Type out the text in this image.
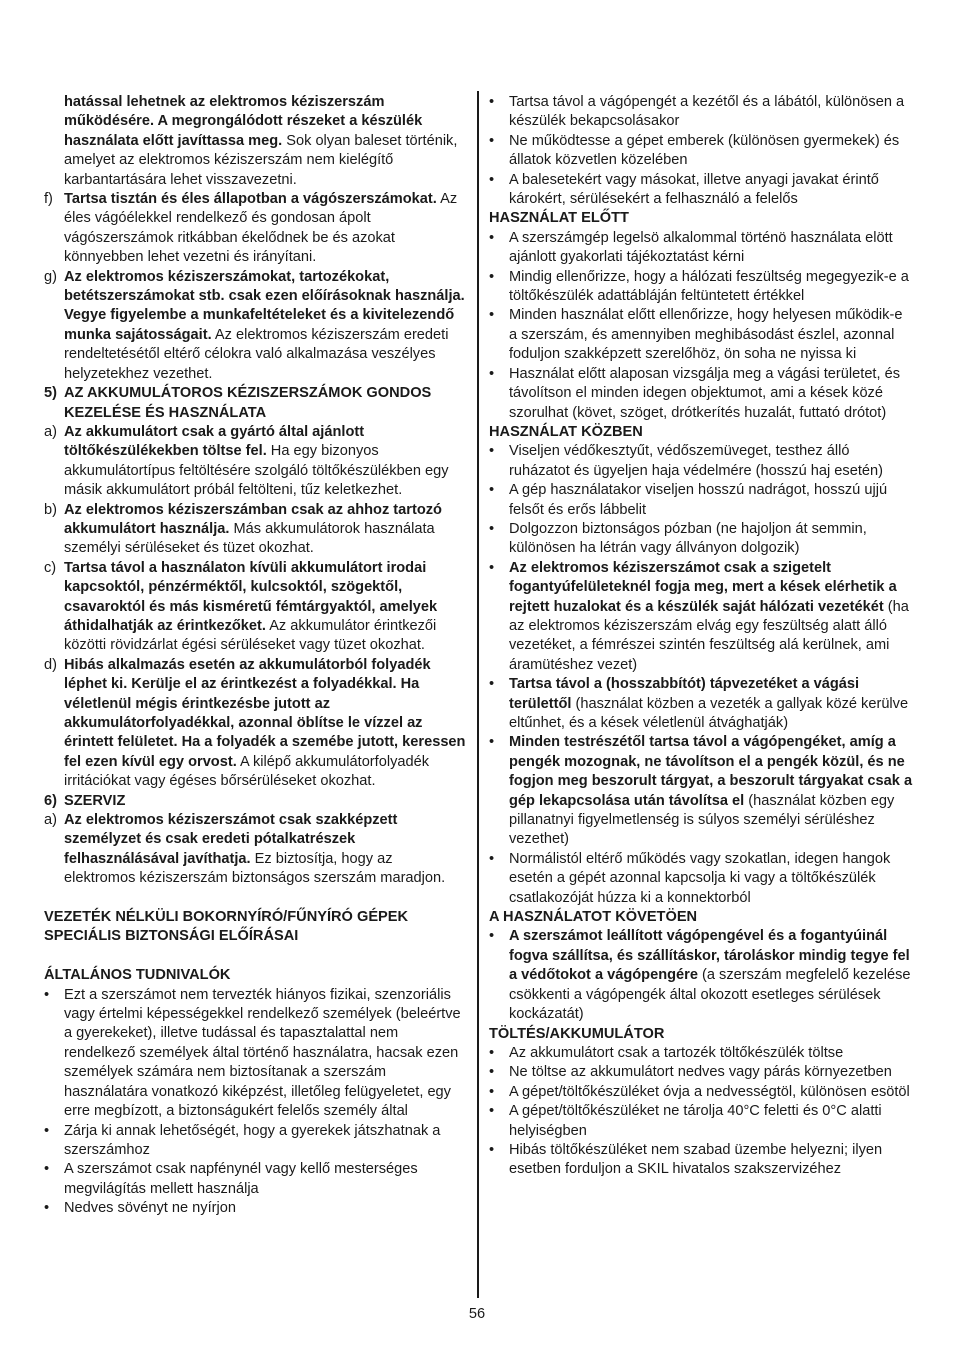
hatással lehetnek az elektromos kéziszerszám működésére. A megrongálódott részeket a készülék használata előtt javíttassa meg. Sok olyan baleset történik, amelyet az elektromos kéziszerszám nem kielégítő karbantartására lehet visszavezetni.

f) Tartsa tisztán és éles állapotban a vágószerszámokat. Az éles vágóélekkel rendelkező és gondosan ápolt vágószerszámok ritkábban ékelődnek be és azokat könnyebben lehet vezetni és irányítani.
g) Az elektromos kéziszerszámokat, tartozékokat, betétszerszámokat stb. csak ezen előírásoknak használja. Vegye figyelembe a munkafeltételeket és a kivitelezendő munka sajátosságait. Az elektromos kéziszerszám eredeti rendeltetésétől eltérő célokra való alkalmazása veszélyes helyzetekhez vezethet.
5) AZ AKKUMULÁTOROS KÉZISZERSZÁMOK GONDOS KEZELÉSE ÉS HASZNÁLATA
a) Az akkumulátort csak a gyártó által ajánlott töltőkészülékekben töltse fel. Ha egy bizonyos akkumulátortípus feltöltésére szolgáló töltőkészülékben egy másik akkumulátort próbál feltölteni, tűz keletkezhet.
b) Az elektromos kéziszerszámban csak az ahhoz tartozó akkumulátort használja. Más akkumulátorok használata személyi sérüléseket és tüzet okozhat.
c) Tartsa távol a használaton kívüli akkumulátort irodai kapcsoktól, pénzérméktől, kulcsoktól, szögektől, csavaroktól és más kisméretű fémtárgyaktól, amelyek áthidalhatják az érintkezőket. Az akkumulátor érintkezői közötti rövidzárlat égési sérüléseket vagy tüzet okozhat.
d) Hibás alkalmazás esetén az akkumulátorból folyadék léphet ki. Kerülje el az érintkezést a folyadékkal. Ha véletlenül mégis érintkezésbe jutott az akkumulátorfolyadékkal, azonnal öblítse le vízzel az érintett felületet. Ha a folyadék a szemébe jutott, keressen fel ezen kívül egy orvost. A kilépő akkumulátorfolyadék irritációkat vagy égéses bőrsérüléseket okozhat.
6) SZERVIZ
a) Az elektromos kéziszerszámot csak szakképzett személyzet és csak eredeti pótalkatrészek felhasználásával javíthatja. Ez biztosítja, hogy az elektromos kéziszerszám biztonságos szerszám maradjon.

VEZETÉK NÉLKÜLI BOKORNYÍRÓ/FŰNYÍRÓ GÉPEK SPECIÁLIS BIZTONSÁGI ELŐÍRÁSAI

ÁLTALÁNOS TUDNIVALÓK

• Ezt a szerszámot nem tervezték hiányos fizikai, szenzoriális vagy értelmi képességekkel rendelkező személyek (beleértve a gyerekeket), illetve tudással és tapasztalattal nem rendelkező személyek által történő használatra, hacsak ezen személyek számára nem biztosítanak a szerszám használatára vonatkozó kiképzést, illetőleg felügyeletet, egy erre megbízott, a biztonságukért felelős személy által
• Zárja ki annak lehetőségét, hogy a gyerekek játszhatnak a szerszámhoz
• A szerszámot csak napfénynél vagy kellő mesterséges megvilágítás mellett használja
• Nedves sövényt ne nyírjon
• Tartsa távol a vágópengét a kezétől és a lábától, különösen a készülék bekapcsolásakor
• Ne működtesse a gépet emberek (különösen gyermekek) és állatok közvetlen közelében
• A balesetekért vagy másokat, illetve anyagi javakat érintő károkért, sérülésekért a felhasználó a felelős

HASZNÁLAT ELŐTT

• A szerszámgép legelsö alkalommal történö használata elött ajánlott gyakorlati tájékoztatást kérni
• Mindig ellenőrizze, hogy a hálózati feszültség megegyezik-e a töltőkészülék adattábláján feltüntetett értékkel
• Minden használat előtt ellenőrizze, hogy helyesen működik-e a szerszám, és amennyiben meghibásodást észlel, azonnal foduljon szakképzett szerelőhöz, ön soha ne nyissa ki
• Használat előtt alaposan vizsgálja meg a vágási területet, és távolítson el minden idegen objektumot, ami a kések közé szorulhat (követ, szöget, drótkerítés huzalát, futtató drótot)

HASZNÁLAT KÖZBEN

• Viseljen védőkesztyűt, védőszemüveget, testhez álló ruházatot és ügyeljen haja védelmére (hosszú haj esetén)
• A gép használatakor viseljen hosszú nadrágot, hosszú ujjú felsőt és erős lábbelit
• Dolgozzon biztonságos pózban (ne hajoljon át semmin, különösen ha létrán vagy állványon dolgozik)
• Az elektromos kéziszerszámot csak a szigetelt fogantyúfelületeknél fogja meg, mert a kések elérhetik a rejtett huzalokat és a készülék saját hálózati vezetékét (ha az elektromos kéziszerszám elvág egy feszültség alatt álló vezetéket, a fémrészei szintén feszültség alá kerülnek, ami áramütéshez vezet)
• Tartsa távol a (hosszabbítót) tápvezetéket a vágási területtől (használat közben a vezeték a gallyak közé kerülve eltűnhet, és a kések véletlenül átvághatják)
• Minden testrészétől tartsa távol a vágópengéket, amíg a pengék mozognak, ne távolítson el a pengék közül, és ne fogjon meg beszorult tárgyat, a beszorult tárgyakat csak a gép lekapcsolása után távolítsa el (használat közben egy pillanatnyi figyelmetlenség is súlyos személyi sérüléshez vezethet)
• Normálistól eltérő működés vagy szokatlan, idegen hangok esetén a gépét azonnal kapcsolja ki vagy a töltőkészülék csatlakozóját húzza ki a konnektorból

A HASZNÁLATOT KÖVETÖEN

• A szerszámot leállított vágópengével és a fogantyúinál fogva szállítsa, és szállításkor, tároláskor mindig tegye fel a védőtokot a vágópengére (a szerszám megfelelő kezelése csökkenti a vágópengék által okozott esetleges sérülések kockázatát)

TÖLTÉS/AKKUMULÁTOR

• Az akkumulátort csak a tartozék töltőkészülék töltse
• Ne töltse az akkumulátort nedves vagy párás környezetben
• A gépet/töltőkészüléket óvja a nedvességtöl, különösen esötöl
• A gépet/töltőkészüléket ne tárolja 40°C feletti és 0°C alatti helyiségben
• Hibás töltőkészüléket nem szabad üzembe helyezni; ilyen esetben forduljon a SKIL hivatalos szakszervizéhez
56
